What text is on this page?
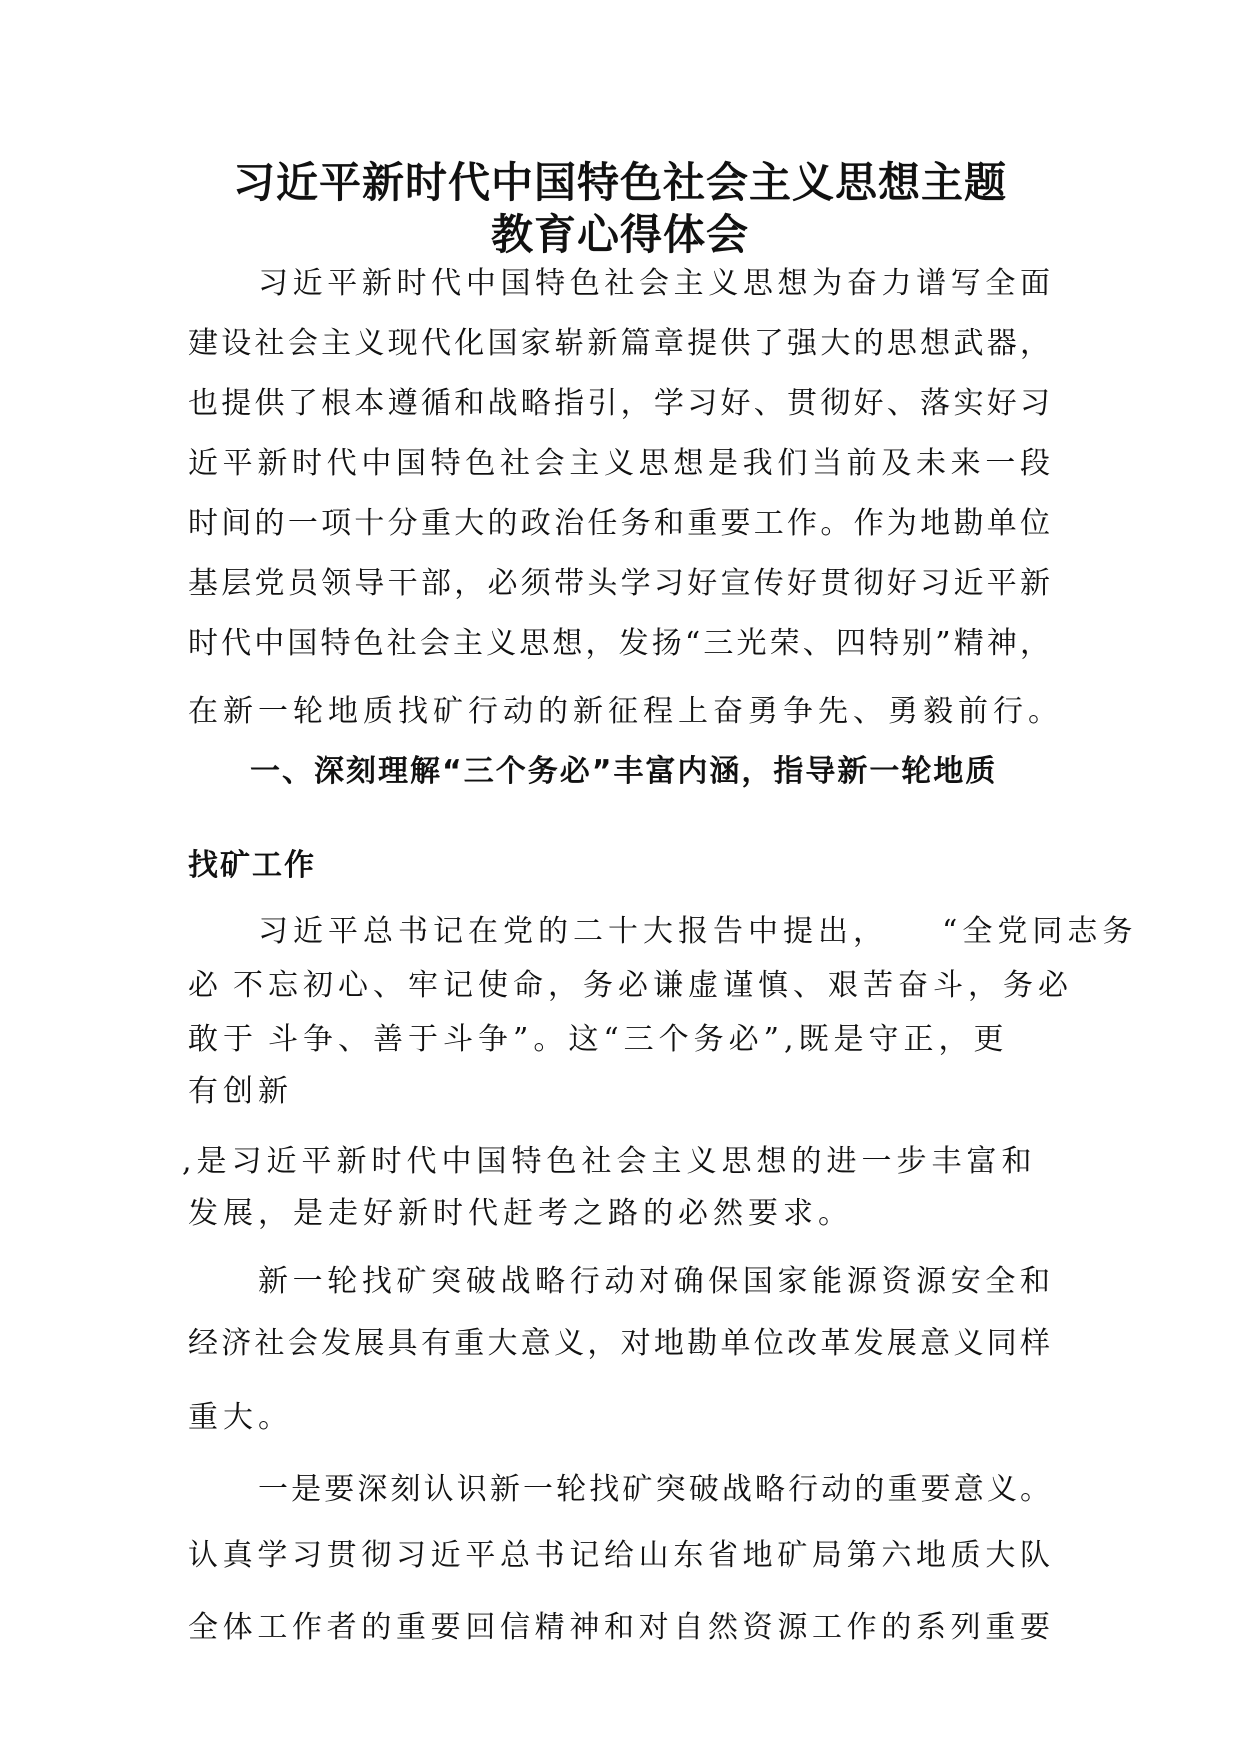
习近平新时代中国特色社会主义思想主题
教育心得体会
习近平新时代中国特色社会主义思想为奋力谱写全面
建设社会主义现代化国家崭新篇章提供了强大的思想武器，
也提供了根本遵循和战略指引，学习好、贯彻好、落实好习
近平新时代中国特色社会主义思想是我们当前及未来一段
时间的一项十分重大的政治任务和重要工作。作为地勘单位
基层党员领导干部，必须带头学习好宣传好贯彻好习近平新
时代中国特色社会主义思想，发扬“三光荣、四特别”精神，
在新一轮地质找矿行动的新征程上奋勇争先、勇毅前行。
一、深刻理解“三个务必”丰富内涵，指导新一轮地质
找矿工作
习近平总书记在党的二十大报告中提出， “全党同志务
必 不忘初心、牢记使命，务必谦虚谨慎、艰苦奋斗，务必
敢于 斗争、善于斗争”。这“三个务必”,既是守正，更
有创新
,是习近平新时代中国特色社会主义思想的进一步丰富和
发展，是走好新时代赶考之路的必然要求。
新一轮找矿突破战略行动对确保国家能源资源安全和
经济社会发展具有重大意义，对地勘单位改革发展意义同样
重大。
一是要深刻认识新一轮找矿突破战略行动的重要意义。
认真学习贯彻习近平总书记给山东省地矿局第六地质大队
全体工作者的重要回信精神和对自然资源工作的系列重要
